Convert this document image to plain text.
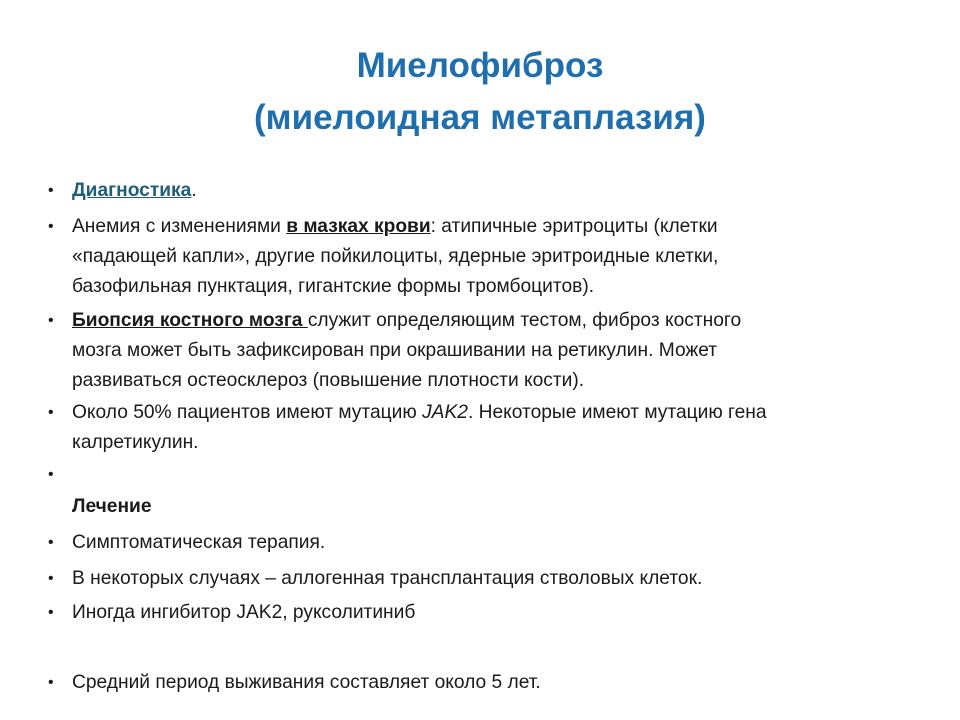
Миелофиброз
(миелоидная метаплазия)
• Диагностика.
• Анемия с изменениями в мазках крови: атипичные эритроциты (клетки
«падающей капли», другие пойкилоциты, ядерные эритроидные клетки,
базофильная пунктация, гигантские формы тромбоцитов).
• Биопсия костного мозга служит определяющим тестом, фиброз костного
мозга может быть зафиксирован при окрашивании на ретикулин. Может
развиваться остеосклероз (повышение плотности кости).
• Около 50% пациентов имеют мутацию JAK2. Некоторые имеют мутацию гена
калретикулин.
•
Лечение
• Симптоматическая терапия.
• В некоторых случаях – аллогенная трансплантация стволовых клеток.
• Иногда ингибитор JAK2, руксолитиниб
• Средний период выживания составляет около 5 лет.
